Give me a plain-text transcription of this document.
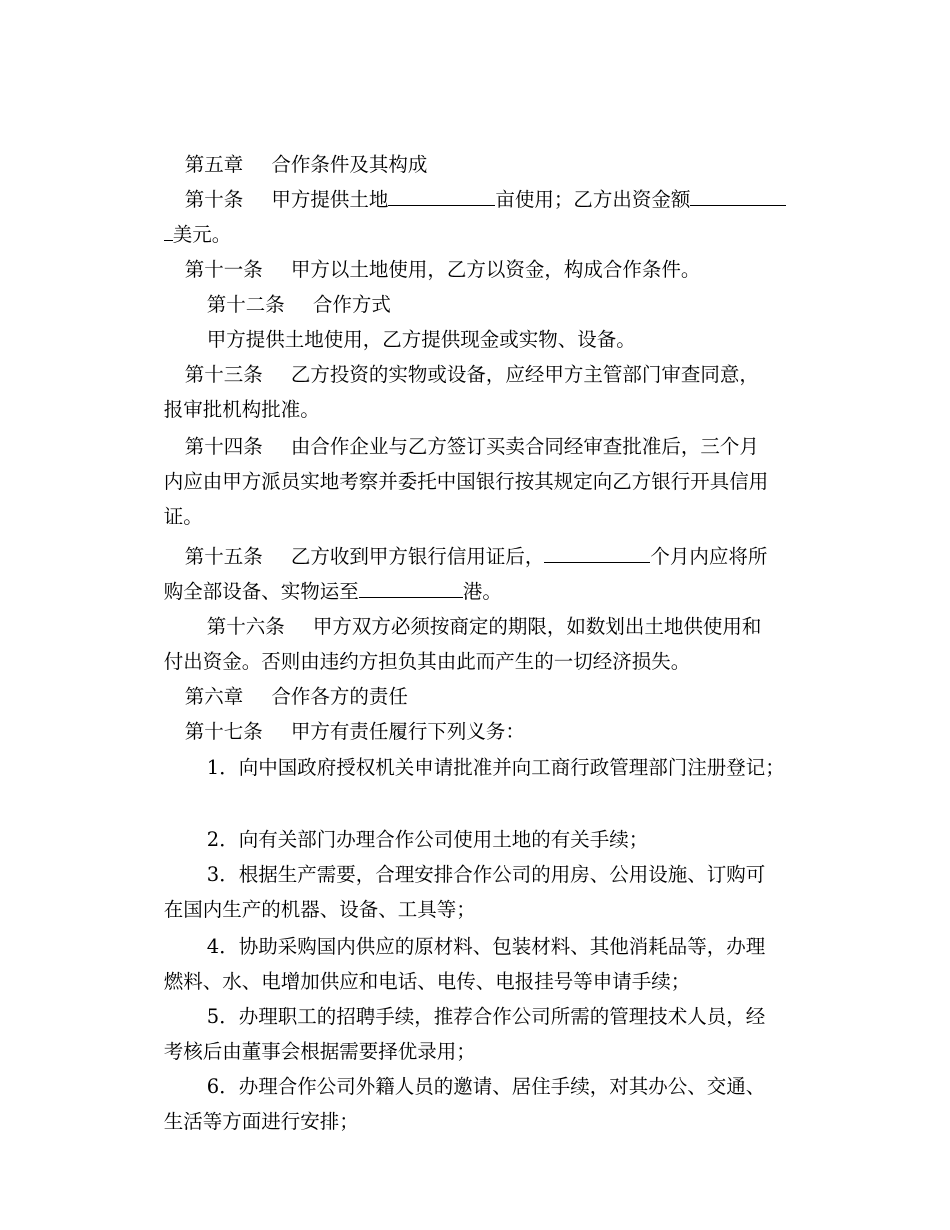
第五章 合作条件及其构成

第十条 甲方提供土地	亩使用；乙方出资金额

美元。

第十一条 甲方以土地使用，乙方以资金，构成合作条件。

第十二条 合作方式

甲方提供土地使用，乙方提供现金或实物、设备。

第十三条 乙方投资的实物或设备，应经甲方主管部门审查同意，

报审批机构批准。

第十四条 由合作企业与乙方签订买卖合同经审查批准后，三个月

内应由甲方派员实地考察并委托中国银行按其规定向乙方银行开具信用

证。

第十五条 乙方收到甲方银行信用证后，	个月内应将所

购全部设备、实物运至	港。

第十六条 甲方双方必须按商定的期限，如数划出土地供使用和

付出资金。否则由违约方担负其由此而产生的一切经济损失。

第六章 合作各方的责任

第十七条 甲方有责任履行下列义务：

1．向中国政府授权机关申请批准并向工商行政管理部门注册登记；

2．向有关部门办理合作公司使用土地的有关手续；

3．根据生产需要，合理安排合作公司的用房、公用设施、订购可

在国内生产的机器、设备、工具等；

4．协助采购国内供应的原材料、包装材料、其他消耗品等，办理

燃料、水、电增加供应和电话、电传、电报挂号等申请手续；

5．办理职工的招聘手续，推荐合作公司所需的管理技术人员，经

考核后由董事会根据需要择优录用；

6．办理合作公司外籍人员的邀请、居住手续，对其办公、交通、

生活等方面进行安排；
